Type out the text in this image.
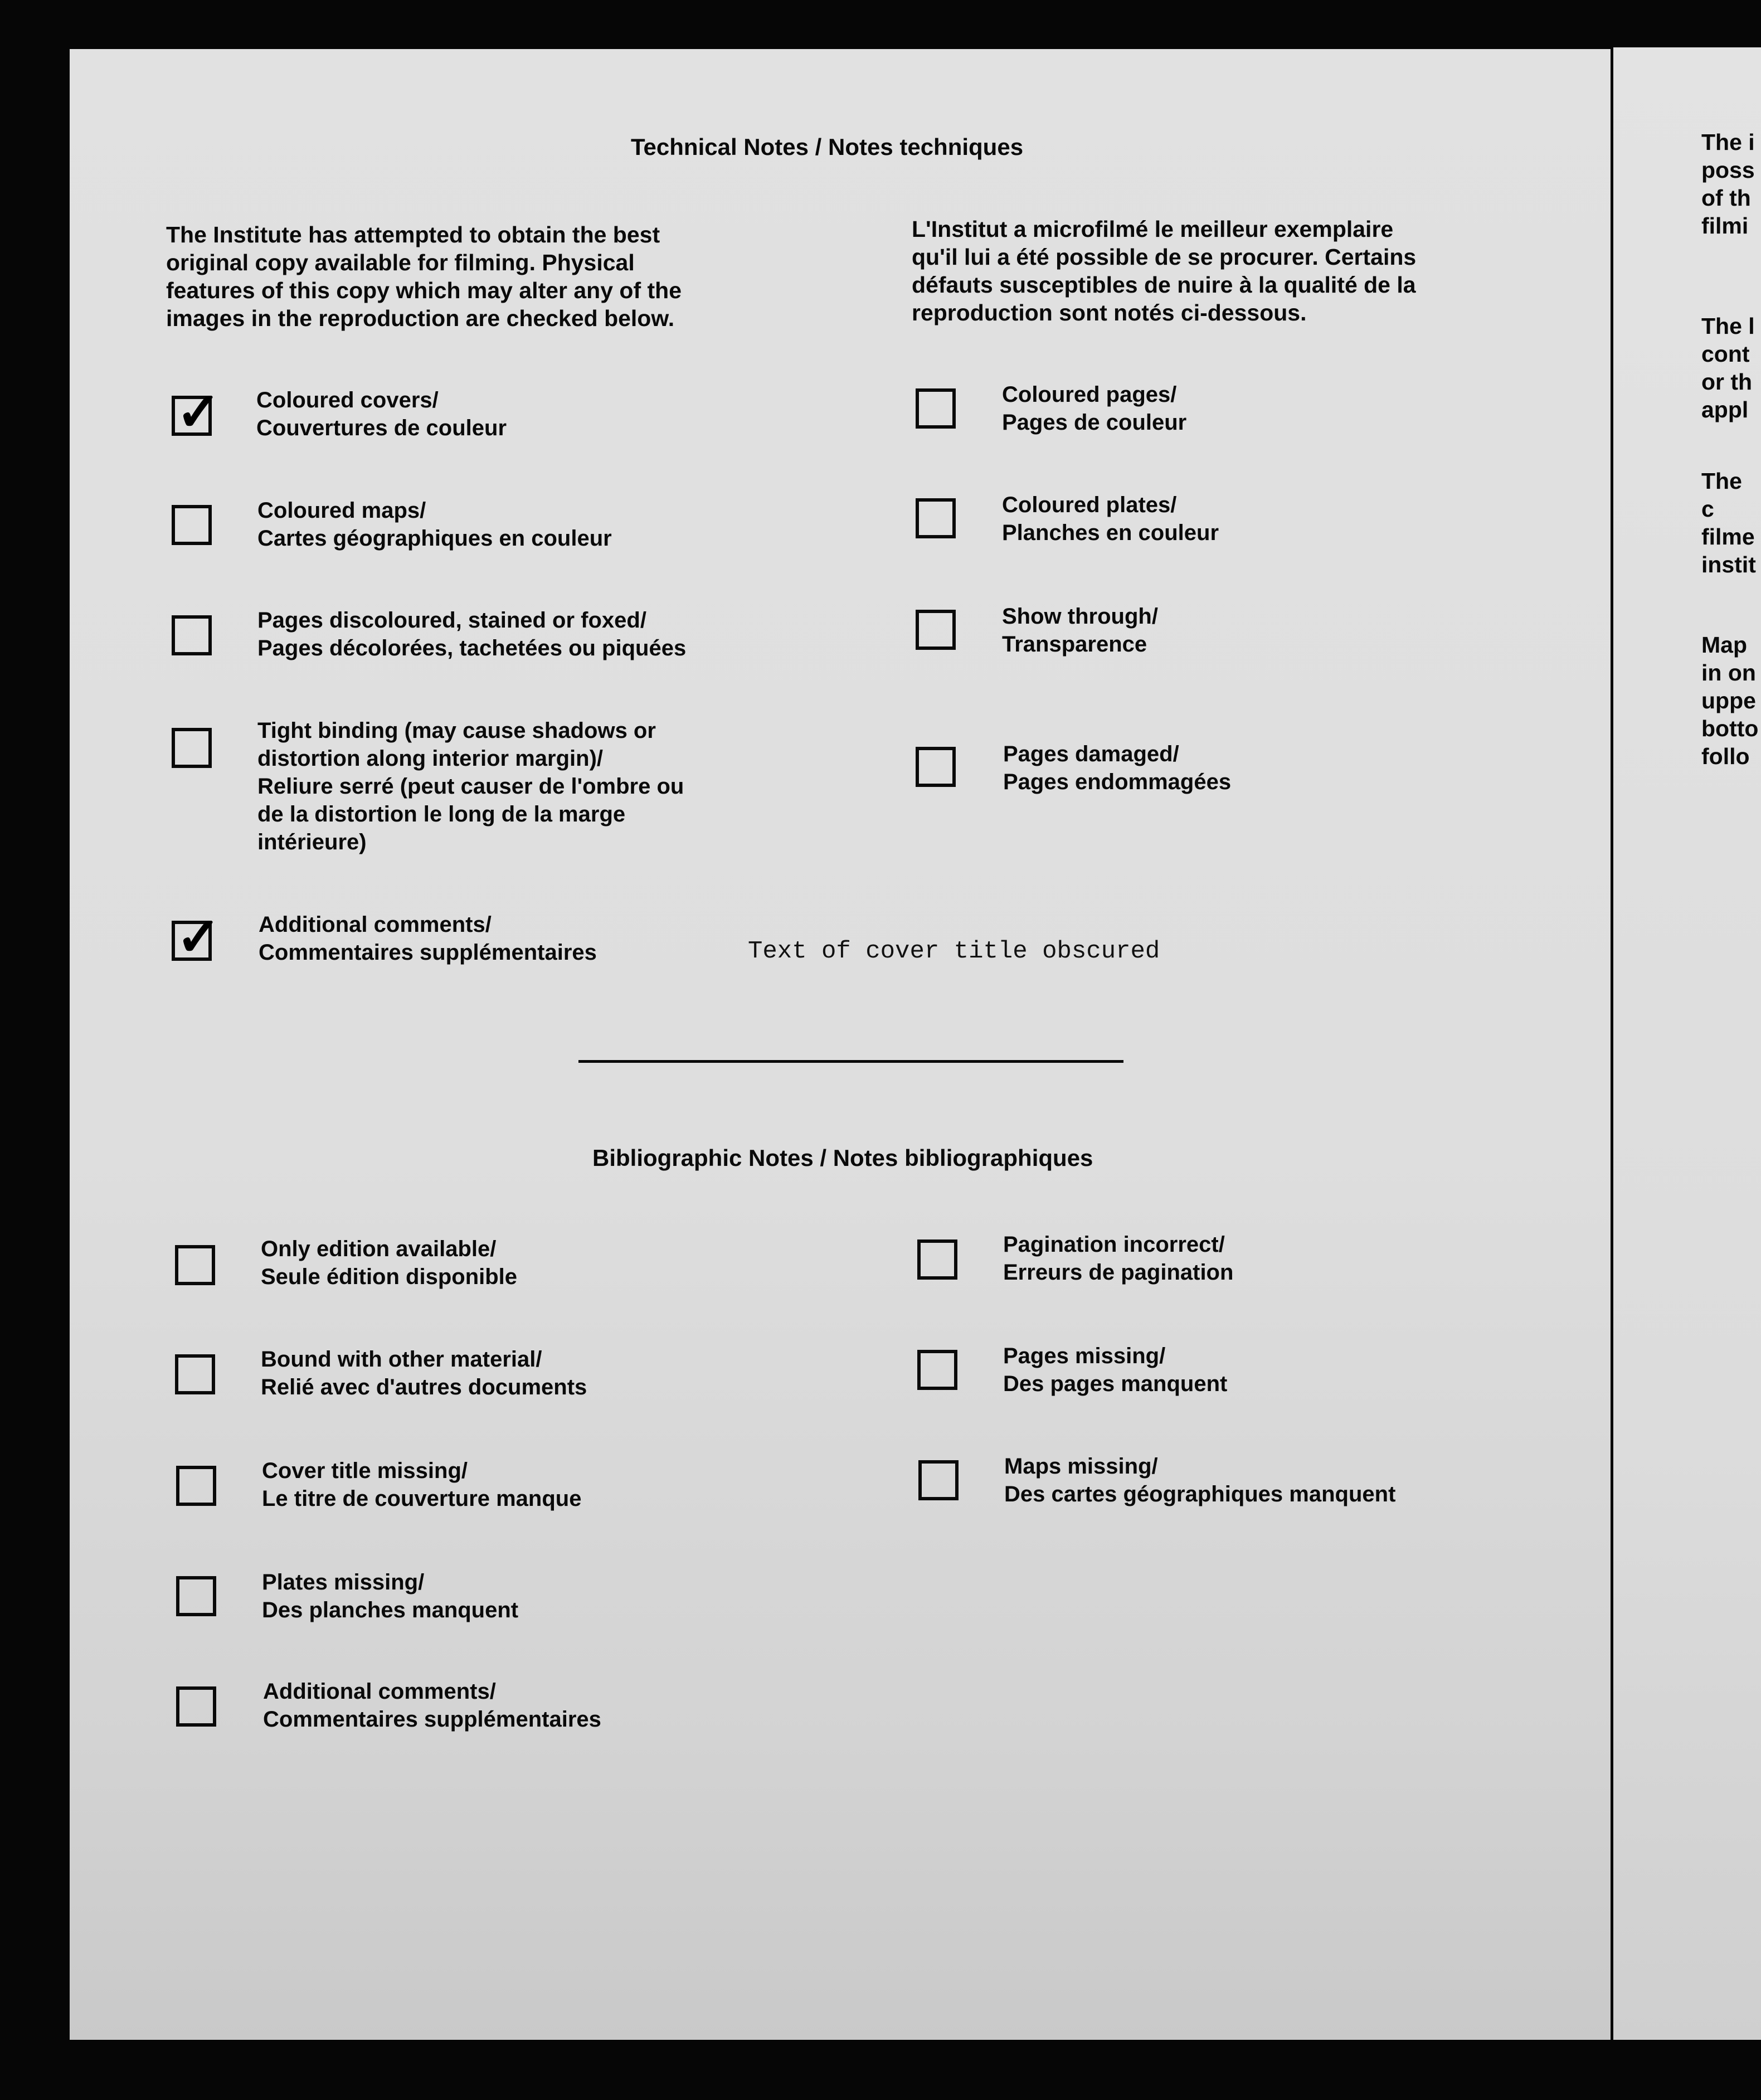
Technical Notes / Notes techniques
The Institute has attempted to obtain the best
original copy available for filming. Physical
features of this copy which may alter any of the
images in the reproduction are checked below.
L'Institut a microfilmé le meilleur exemplaire
qu'il lui a été possible de se procurer. Certains
défauts susceptibles de nuire à la qualité de la
reproduction sont notés ci-dessous.
✓ Coloured covers/
Couvertures de couleur
Coloured maps/
Cartes géographiques en couleur
Pages discoloured, stained or foxed/
Pages décolorées, tachetées ou piquées
Tight binding (may cause shadows or
distortion along interior margin)/
Reliure serré (peut causer de l'ombre ou
de la distortion le long de la marge
intérieure)
✓ Additional comments/
Commentaires supplémentaires	Text of cover title obscured
Coloured pages/
Pages de couleur
Coloured plates/
Planches en couleur
Show through/
Transparence
Pages damaged/
Pages endommagées
Bibliographic Notes / Notes bibliographiques
Only edition available/
Seule édition disponible
Bound with other material/
Relié avec d'autres documents
Cover title missing/
Le titre de couverture manque
Plates missing/
Des planches manquent
Additional comments/
Commentaires supplémentaires
Pagination incorrect/
Erreurs de pagination
Pages missing/
Des pages manquent
Maps missing/
Des cartes géographiques manquent
The i
poss
of th
filmi
The l
cont
or th
appl
The c
filme
instit
Map
in on
uppe
botto
follo
